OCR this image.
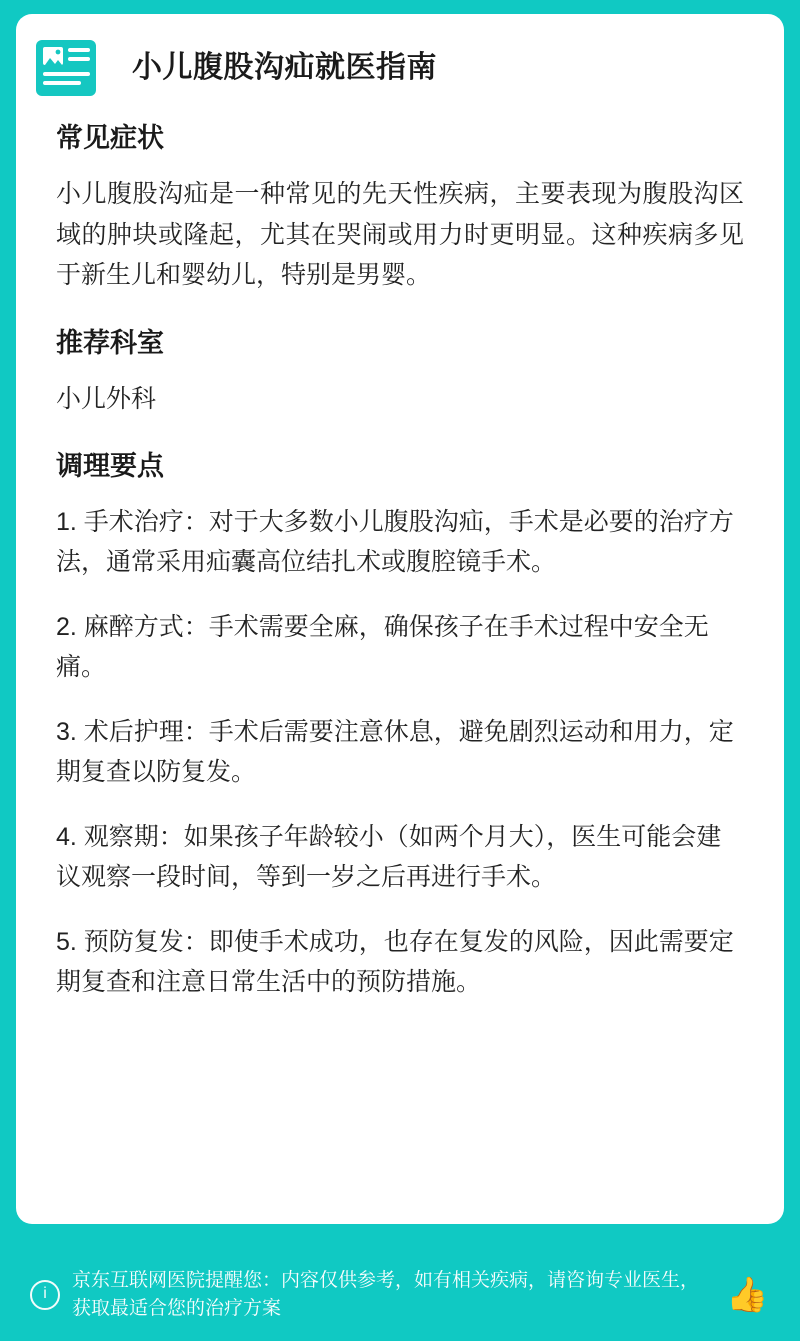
小儿腹股沟疝就医指南
常见症状

小儿腹股沟疝是一种常见的先天性疾病，主要表现为腹股沟区域的肿块或隆起，尤其在哭闹或用力时更明显。这种疾病多见于新生儿和婴幼儿，特别是男婴。

推荐科室

小儿外科

调理要点
1. 手术治疗：对于大多数小儿腹股沟疝，手术是必要的治疗方法，通常采用疝囊高位结扎术或腹腔镜手术。
2. 麻醉方式：手术需要全麻，确保孩子在手术过程中安全无痛。
3. 术后护理：手术后需要注意休息，避免剧烈运动和用力，定期复查以防复发。
4. 观察期：如果孩子年龄较小（如两个月大），医生可能会建议观察一段时间，等到一岁之后再进行手术。
5. 预防复发：即使手术成功，也存在复发的风险，因此需要定期复查和注意日常生活中的预防措施。
i
京东互联网医院提醒您：内容仅供参考，如有相关疾病，请咨询专业医生，获取最适合您的治疗方案	👍
